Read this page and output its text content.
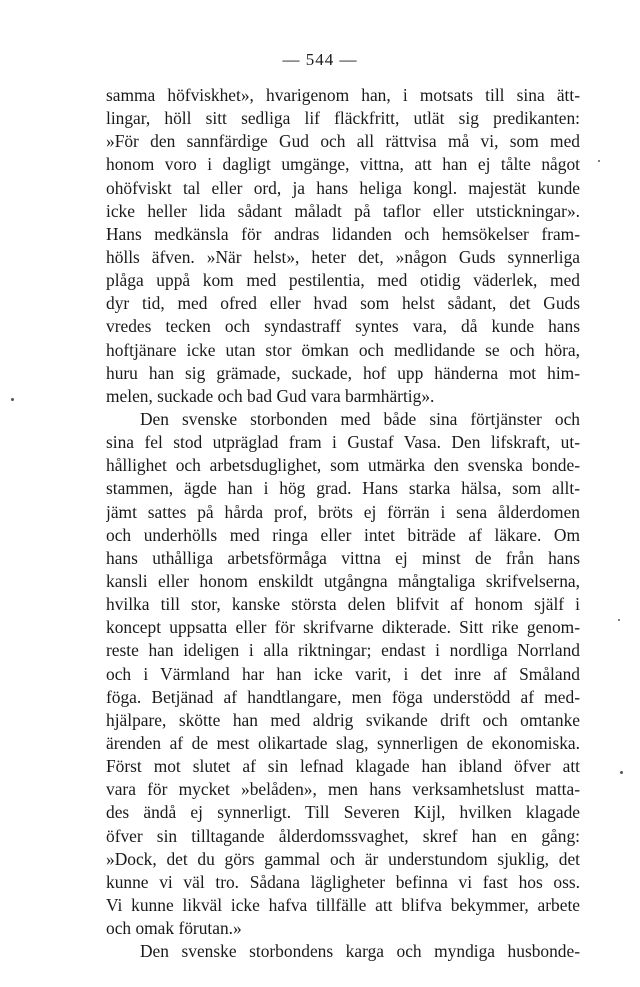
— 544 —
samma höfviskhet», hvarigenom han, i motsats till sina ätt-
lingar, höll sitt sedliga lif fläckfritt, utlät sig predikanten:
»För den sannfärdige Gud och all rättvisa må vi, som med
honom voro i dagligt umgänge, vittna, att han ej tålte något
ohöfviskt tal eller ord, ja hans heliga kongl. majestät kunde
icke heller lida sådant måladt på taflor eller utstickningar».
Hans medkänsla för andras lidanden och hemsökelser fram-
hölls äfven. »När helst», heter det, »någon Guds synnerliga
plåga uppå kom med pestilentia, med otidig väderlek, med
dyr tid, med ofred eller hvad som helst sådant, det Guds
vredes tecken och syndastraff syntes vara, då kunde hans
hoftjänare icke utan stor ömkan och medlidande se och höra,
huru han sig grämade, suckade, hof upp händerna mot him-
melen, suckade och bad Gud vara barmhärtig».
Den svenske storbonden med både sina förtjänster och
sina fel stod utpräglad fram i Gustaf Vasa. Den lifskraft, ut-
hållighet och arbetsduglighet, som utmärka den svenska bonde-
stammen, ägde han i hög grad. Hans starka hälsa, som allt-
jämt sattes på hårda prof, bröts ej förrän i sena ålderdomen
och underhölls med ringa eller intet biträde af läkare. Om
hans uthålliga arbetsförmåga vittna ej minst de från hans
kansli eller honom enskildt utgångna mångtaliga skrifvelserna,
hvilka till stor, kanske största delen blifvit af honom själf i
koncept uppsatta eller för skrifvarne dikterade. Sitt rike genom-
reste han ideligen i alla riktningar; endast i nordliga Norrland
och i Värmland har han icke varit, i det inre af Småland
föga. Betjänad af handtlangare, men föga understödd af med-
hjälpare, skötte han med aldrig svikande drift och omtanke
ärenden af de mest olikartade slag, synnerligen de ekonomiska.
Först mot slutet af sin lefnad klagade han ibland öfver att
vara för mycket »belåden», men hans verksamhetslust matta-
des ändå ej synnerligt. Till Severen Kijl, hvilken klagade
öfver sin tilltagande ålderdomssvaghet, skref han en gång:
»Dock, det du görs gammal och är understundom sjuklig, det
kunne vi väl tro. Sådana lägligheter befinna vi fast hos oss.
Vi kunne likväl icke hafva tillfälle att blifva bekymmer, arbete
och omak förutan.»
Den svenske storbondens karga och myndiga husbonde-
